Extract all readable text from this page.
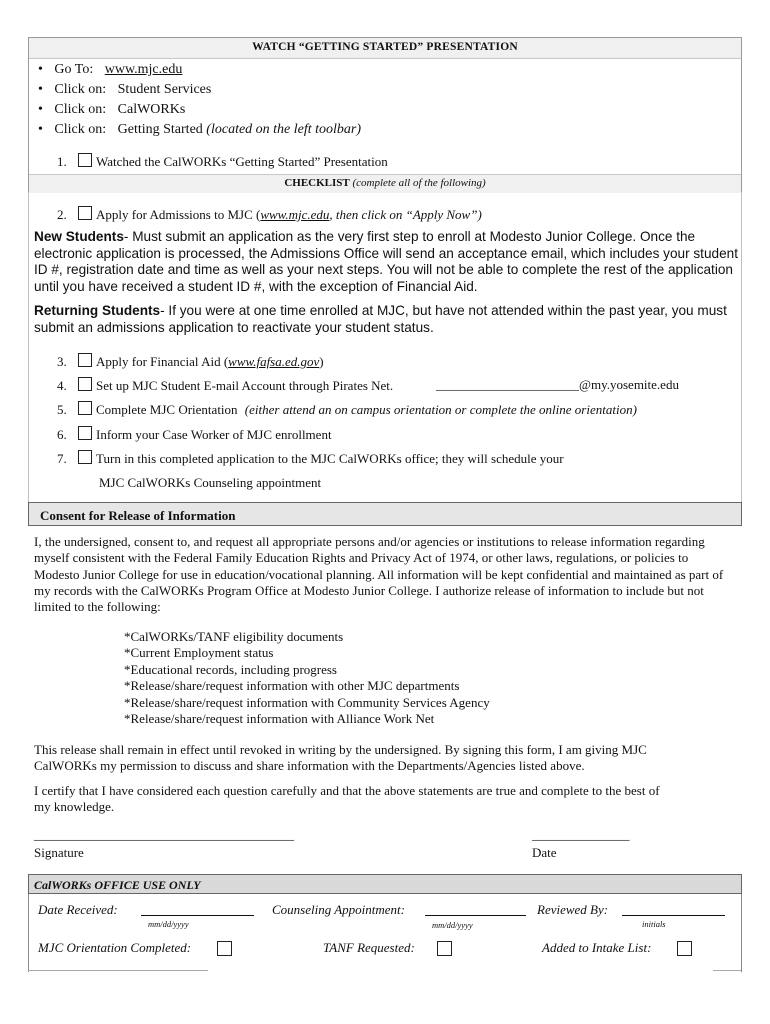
WATCH “GETTING STARTED” PRESENTATION
• Go To: www.mjc.edu
• Click on: Student Services
• Click on: CalWORKs
• Click on: Getting Started (located on the left toolbar)
1. Watched the CalWORKs “Getting Started” Presentation
CHECKLIST (complete all of the following)
2. Apply for Admissions to MJC (www.mjc.edu, then click on “Apply Now”)
New Students- Must submit an application as the very first step to enroll at Modesto Junior College. Once the electronic application is processed, the Admissions Office will send an acceptance email, which includes your student ID #, registration date and time as well as your next steps. You will not be able to complete the rest of the application until you have received a student ID #, with the exception of Financial Aid.
Returning Students- If you were at one time enrolled at MJC, but have not attended within the past year, you must submit an admissions application to reactivate your student status.
3. Apply for Financial Aid (www.fafsa.ed.gov)
4. Set up MJC Student E-mail Account through Pirates Net.	______________________@my.yosemite.edu
5. Complete MJC Orientation (either attend an on campus orientation or complete the online orientation)
6. Inform your Case Worker of MJC enrollment
7. Turn in this completed application to the MJC CalWORKs office; they will schedule your
MJC CalWORKs Counseling appointment
Consent for Release of Information
I, the undersigned, consent to, and request all appropriate persons and/or agencies or institutions to release information regarding myself consistent with the Federal Family Education Rights and Privacy Act of 1974, or other laws, regulations, or policies to Modesto Junior College for use in education/vocational planning. All information will be kept confidential and maintained as part of my records with the CalWORKs Program Office at Modesto Junior College. I authorize release of information to include but not limited to the following:
*CalWORKs/TANF eligibility documents
*Current Employment status
*Educational records, including progress
*Release/share/request information with other MJC departments
*Release/share/request information with Community Services Agency
*Release/share/request information with Alliance Work Net
This release shall remain in effect until revoked in writing by the undersigned. By signing this form, I am giving MJC CalWORKs my permission to discuss and share information with the Departments/Agencies listed above.
I certify that I have considered each question carefully and that the above statements are true and complete to the best of my knowledge.
________________________________________	_______________
Signature	Date
CalWORKs OFFICE USE ONLY
Date Received:
mm/dd/yyyy
Counseling Appointment:
mm/dd/yyyy
Reviewed By:
initials
MJC Orientation Completed:	TANF Requested:	Added to Intake List:
